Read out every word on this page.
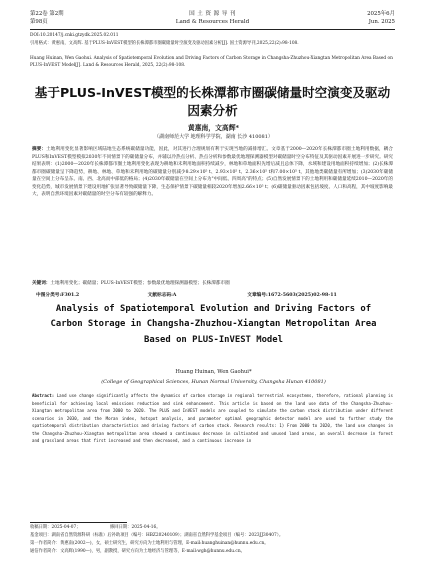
第22卷 第2期
第98页
国 土 资 源 导 刊
Land & Resources Herald
2025年6月
Jun. 2025
DOI:10.20147/j.cnki.gtzydk.2025.02.011
引用格式：黄惠南，文高辉. 基于PLUS-InVEST模型的长株潭都市圈碳储量时空演变及驱动因素分析[J]. 国土资源导刊,2025,22(2):98-108.
Huang Huinan, Wen Gaohui. Analysis of Spatiotemporal Evolution and Driving Factors of Carbon Storage in Changsha-Zhuzhou-Xiangtan Metropolitan Area Based on PLUS-InVEST Model[J]. Land & Resources Herald, 2025, 22(2):98-108.
基于PLUS-InVEST模型的长株潭都市圈碳储量时空演变及驱动因素分析
黄惠南，文高辉*
（湖南师范大学 地理科学学院，湖南 长沙 410081）
摘要：土地利用变化显著影响区域陆地生态系统碳储量功能，因此，对其进行合理规划有利于实现当地的减排增汇。文章基于2000—2020年长株潭都市圈土地利用数据，耦合PLUS和InVEST模型模拟2030年不同情景下的碳储量分布，并辅以冷热点分析、热点分析和参数最优地理探测器模型对碳储量时空分布特征及其驱动因素开展进一步研究。研究结果表明：(1)2000—2020年长株潭都市圈土地利用变化表现为耕地和未利用地面积持续减少，林地和草地面积先增后减且总体下降，水域和建设用地面积持续增加；(2)长株潭都市圈碳储量呈下降趋势，耕地、林地、草地和未利用地的碳储量分别减少8.29×10⁵ t、2.93×10⁵ t、2.36×10⁵ t和7.00×10⁵ t，其他地类碳储量有所增加；(3)2030年碳储量在空间上分布呈东、南、西、北高而中部低的格局；(4)2030年碳储量在空间上分布为"中间低、四周高"的特点；(5)自然发展情景下的土地利用和碳储量延续2010—2020年的变化趋势，城市发展情景下建设用地扩张显著导致碳储量下降，生态保护情景下碳储量相较2020年增加2.66×10⁵ t；(6)碳储量驱动因素包括坡度、人口和高程，其中坡度影响最大，表明自然环境因素对碳储量的时空分布有较强的解释力。
关键词：土地利用变化；碳储量；PLUS-InVEST模型；参数最优地理探测器模型；长株潭都市圈
中图分类号:F301.2	文献标志码:A	文章编号:1672-5603(2025)02-98-11
Analysis of Spatiotemporal Evolution and Driving Factors of Carbon Storage in Changsha-Zhuzhou-Xiangtan Metropolitan Area Based on PLUS-InVEST Model
Huang Huinan, Wen Gaohui*
(College of Geographical Sciences, Hunan Normal University, Changsha Hunan 410081)
Abstract: Land use change significantly affects the dynamics of carbon storage in regional terrestrial ecosystems, therefore, rational planning is beneficial for achieving local emissions reduction and sink enhancement. This article is based on the land use data of the Changsha-Zhuzhou-Xiangtan metropolitan area from 2000 to 2020. The PLUS and InVEST models are coupled to simulate the carbon stock distribution under different scenarios in 2030, and the Moran index, hotspot analysis, and parameter optimal geographic detector model are used to further study the spatiotemporal distribution characteristics and driving factors of carbon stock. Research results: 1) From 2000 to 2020, the land use changes in the Changsha-Zhuzhou-Xiangtan metropolitan area showed a continuous decrease in cultivated and unused land areas, an overall decrease in forest and grassland areas that first increased and then decreased, and a continuous increase in
收稿日期：2025-04-07；	修回日期：2025-04-16。
基金项目：湖南省自然资源科研（标准）后补助项目（编号：HBZ20240109）；湖南省自然科学基金项目（编号：2023JJ30407）。
第一作者简介：黄惠南(2002—)，女，硕士研究生，研究方向为土地利用与管理，E-mail:huanghuinan@hunnu.edu.cn。
通信作者简介：文高辉(1990—)，男，副教授，研究方向为土地经济与管理等，E-mail:wgh@hunnu.edu.cn。
